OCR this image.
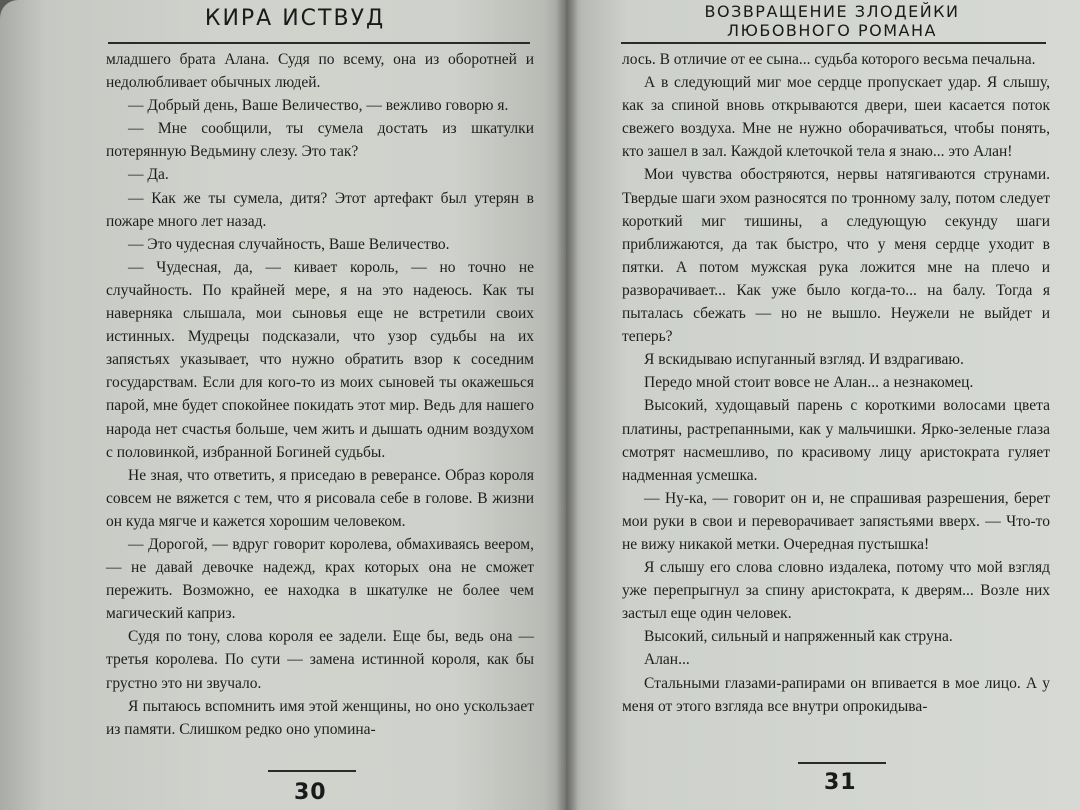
КИРА ИСТВУД

младшего брата Алана. Судя по всему, она из оборотней и недолюбливает обычных людей.

— Добрый день, Ваше Величество, — вежливо говорю я.

— Мне сообщили, ты сумела достать из шкатулки потерянную Ведьмину слезу. Это так?

— Да.

— Как же ты сумела, дитя? Этот артефакт был утерян в пожаре много лет назад.

— Это чудесная случайность, Ваше Величество.

— Чудесная, да, — кивает король, — но точно не случайность. По крайней мере, я на это надеюсь. Как ты наверняка слышала, мои сыновья еще не встретили своих истинных. Мудрецы подсказали, что узор судьбы на их запястьях указывает, что нужно обратить взор к соседним государствам. Если для кого-то из моих сыновей ты окажешься парой, мне будет спокойнее покидать этот мир. Ведь для нашего народа нет счастья больше, чем жить и дышать одним воздухом с половинкой, избранной Богиней судьбы.

Не зная, что ответить, я приседаю в реверансе. Образ короля совсем не вяжется с тем, что я рисовала себе в голове. В жизни он куда мягче и кажется хорошим человеком.

— Дорогой, — вдруг говорит королева, обмахиваясь веером, — не давай девочке надежд, крах которых она не сможет пережить. Возможно, ее находка в шкатулке не более чем магический каприз.

Судя по тону, слова короля ее задели. Еще бы, ведь она — третья королева. По сути — замена истинной короля, как бы грустно это ни звучало.

Я пытаюсь вспомнить имя этой женщины, но оно ускользает из памяти. Слишком редко оно упомина-

30
ВОЗВРАЩЕНИЕ ЗЛОДЕЙКИ
ЛЮБОВНОГО РОМАНА

лось. В отличие от ее сына... судьба которого весьма печальна.

А в следующий миг мое сердце пропускает удар. Я слышу, как за спиной вновь открываются двери, шеи касается поток свежего воздуха. Мне не нужно оборачиваться, чтобы понять, кто зашел в зал. Каждой клеточкой тела я знаю... это Алан!

Мои чувства обостряются, нервы натягиваются струнами. Твердые шаги эхом разносятся по тронному залу, потом следует короткий миг тишины, а следующую секунду шаги приближаются, да так быстро, что у меня сердце уходит в пятки. А потом мужская рука ложится мне на плечо и разворачивает... Как уже было когда-то... на балу. Тогда я пыталась сбежать — но не вышло. Неужели не выйдет и теперь?

Я вскидываю испуганный взгляд. И вздрагиваю.

Передо мной стоит вовсе не Алан... а незнакомец.

Высокий, худощавый парень с короткими волосами цвета платины, растрепанными, как у мальчишки. Ярко-зеленые глаза смотрят насмешливо, по красивому лицу аристократа гуляет надменная усмешка.

— Ну-ка, — говорит он и, не спрашивая разрешения, берет мои руки в свои и переворачивает запястьями вверх. — Что-то не вижу никакой метки. Очередная пустышка!

Я слышу его слова словно издалека, потому что мой взгляд уже перепрыгнул за спину аристократа, к дверям... Возле них застыл еще один человек.

Высокий, сильный и напряженный как струна.

Алан...

Стальными глазами-рапирами он впивается в мое лицо. А у меня от этого взгляда все внутри опрокидыва-

31
